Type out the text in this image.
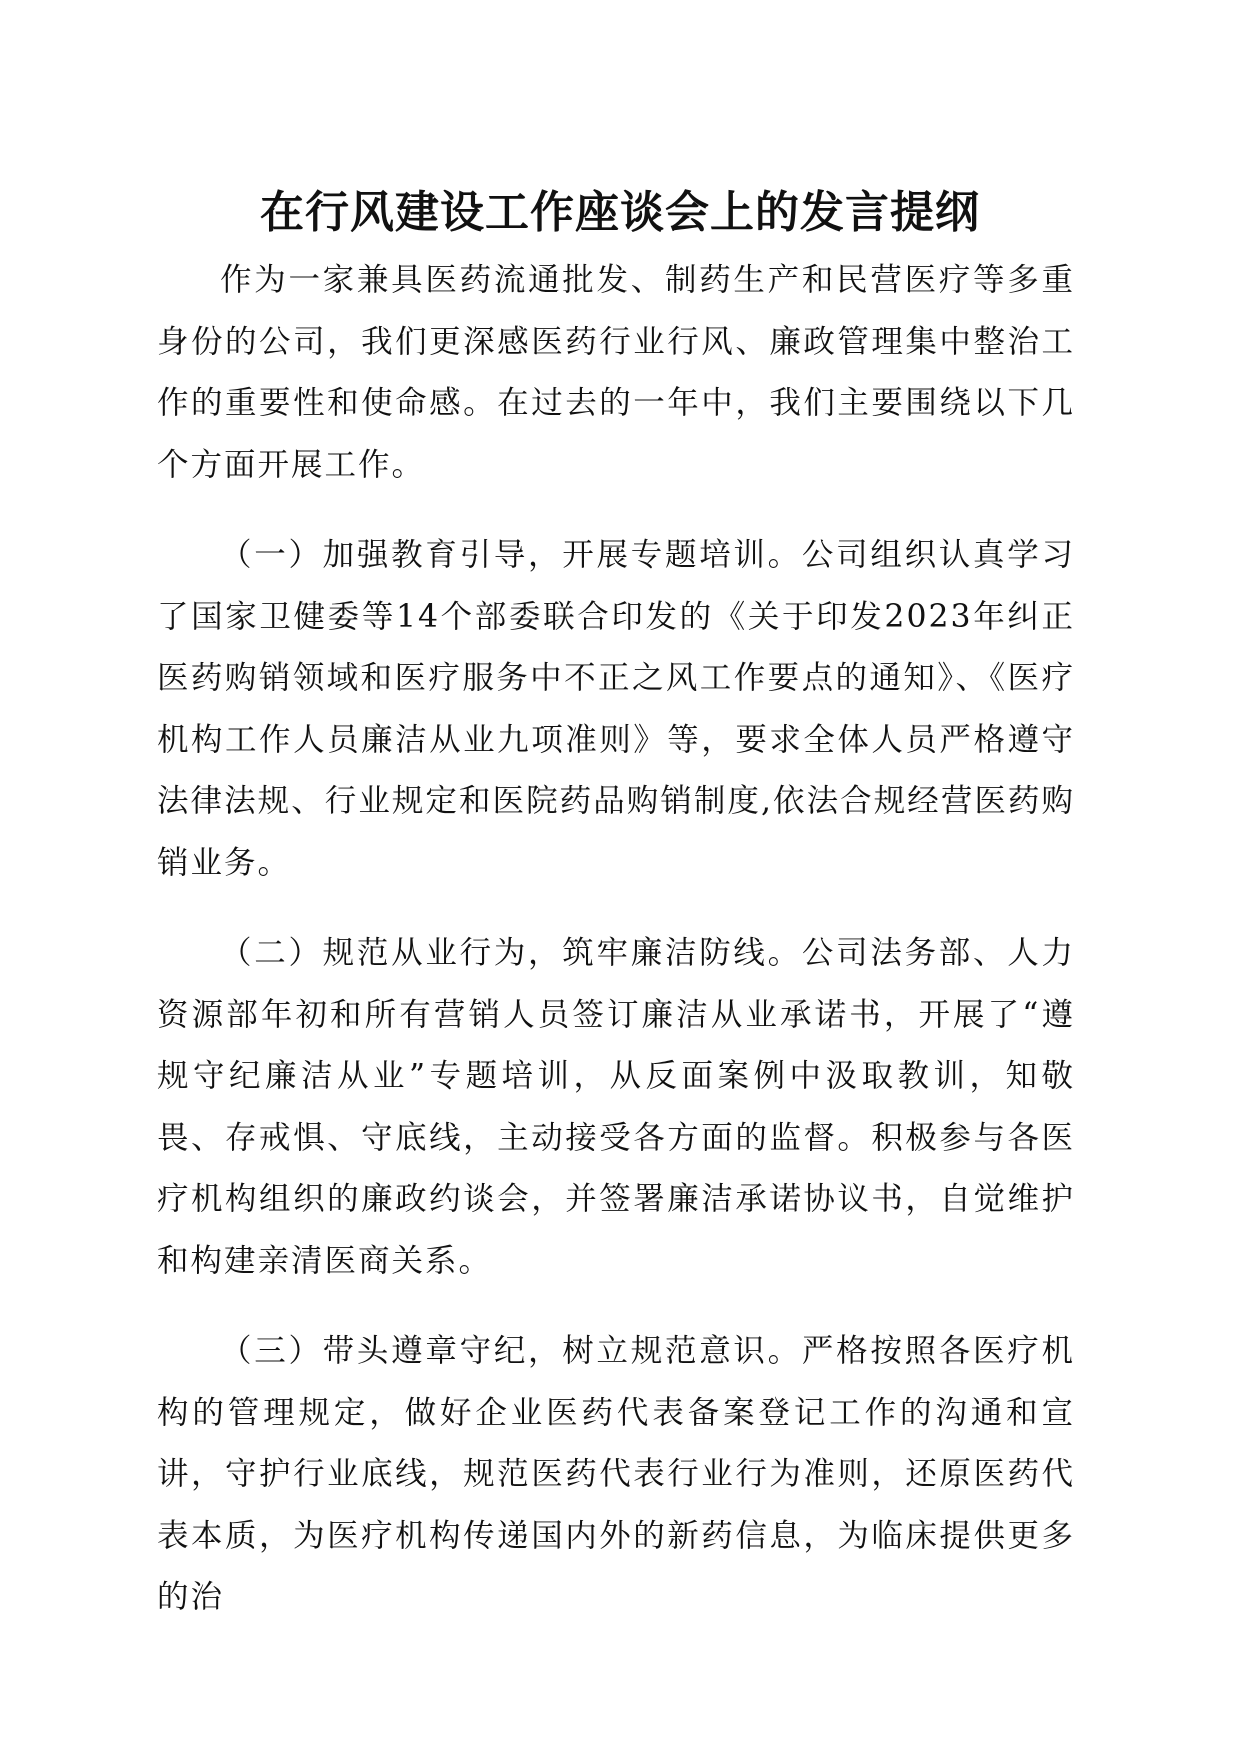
在行风建设工作座谈会上的发言提纲

作为一家兼具医药流通批发、制药生产和民营医疗等多重身份的公司，我们更深感医药行业行风、廉政管理集中整治工作的重要性和使命感。在过去的一年中，我们主要围绕以下几个方面开展工作。

（一）加强教育引导，开展专题培训。公司组织认真学习了国家卫健委等14个部委联合印发的《关于印发2023年纠正医药购销领域和医疗服务中不正之风工作要点的通知》、《医疗机构工作人员廉洁从业九项准则》等，要求全体人员严格遵守法律法规、行业规定和医院药品购销制度,依法合规经营医药购销业务。

（二）规范从业行为，筑牢廉洁防线。公司法务部、人力资源部年初和所有营销人员签订廉洁从业承诺书，开展了“遵规守纪廉洁从业”专题培训，从反面案例中汲取教训，知敬畏、存戒惧、守底线，主动接受各方面的监督。积极参与各医疗机构组织的廉政约谈会，并签署廉洁承诺协议书，自觉维护和构建亲清医商关系。

（三）带头遵章守纪，树立规范意识。严格按照各医疗机构的管理规定，做好企业医药代表备案登记工作的沟通和宣讲，守护行业底线，规范医药代表行业行为准则，还原医药代表本质，为医疗机构传递国内外的新药信息，为临床提供更多的治
